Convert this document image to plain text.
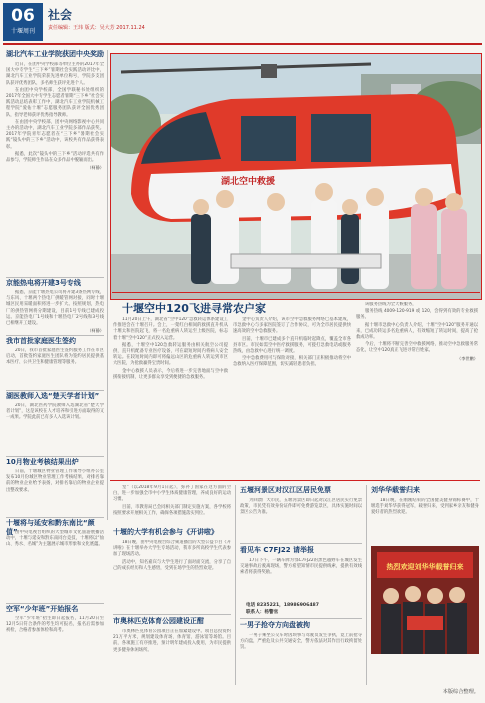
06
十堰周刊
社会
责任编辑：王玮 版式：吴大芳 2017.11.24
湖北汽车工业学院获团中央奖励

近日，在团中央学校部等单位主办的2017年全国大中专学生“三下乡”暑期社会实践活动评比中，湖北汽车工业学院荣获先进单位称号，学院多支团队获评优秀团队，多名师生获评先进个人。

在由团中央学校部、全国学联秘书处组织的2017年全国大中专学生志愿者暑期“三下乡”社会实践活动总结表彰工作中，湖北汽车工业学院机械工程学院“爱佑十堰”志愿服务团队获评全国优秀团队，指导老师获评优秀指导教师。

在由团中央学校部、团中央网络影视中心共同主办的活动中，湖北汽车工业学院多部作品获奖。2017年学院青年志愿者在“三下乡”暑期社会实践“镜头中的三下乡”活动中，该校共有作品获得表彰。

据悉，此次“镜头中的三下乡”活动评选共有作品参与，学院师生作品在众多作品中脱颖而出。

（柯静）
京能热电将开建3号专线

据悉，京能十堰热电公司将开建3条热网专线，与东风、十堰两个热电厂供暖管网对接，同时十堰城区民用采暖面积将进一步扩大。按照规划，热电厂的供热管网将分期建设，目前1号专线已建成投运。京能热电厂1号线和十堰热电厂2号线和3号线已相继开工建设。

（柯静）
我市首批家庭医生签约

20日，我市首批家庭医生签约服务工作在市区启动，首批签约家庭医生团队将为签约居民提供基本医疗、公共卫生和健康管理等服务。

湖医教师入选“楚天学者计划”

20日，湖北医药学院教师入选湖北省“楚天学者计划”，这是该校在人才培养和引进方面取得的又一成果。学院此前已有多人入选该计划。

10月物业考核结果出炉

日前，十堰城区物业管理工作领导小组办公室发布10月份城区物业管理工作考核结果，对排名靠前的物业企业给予表扬，对排名靠后的物业企业提出整改要求。

十堰将与延安和黔东南比“颜值”

由中央电视台组织的大型城市文化旅游展播活动中，十堰与延安和黔东南同台竞技，十堰将以“仙山、秀水、名城”为主题展示城市形象和文化底蕴。

空军“少年班”开始报名

空军“少年班”招生即日起报名，11月20日至12月5日符合条件的考生均可报名，报名后需参加初检，合格者参加体检和高考。

湖北空中救援
十堰空中120飞进寻常农户家

11月20日上午，湖北省“空中120”急救转运体系建设工作推进会在十堰召开。会上，一架红白相间的救援直升机从十堰太和医院起飞，将一名危重病人转运至上级医院，标志着十堰“空中120”正式投入运营。

据悉，十堰空中120急救转运服务由相关航空公司提供，直升机配备专业医疗设备，可在最短时间内将病人安全转运。在较短时间内即可将偏远山区的危重病人转运到市区大医院，为抢救赢得宝贵时间。

金中心救援人员表示，今后将进一步完善地面与空中救援衔接机制，让更多群众享受到便捷的急救服务。

金中心负责人介绍，该市空中急救服务网络已基本建成，市急救中心与多家医院签订了合作协议，可为全市居民提供快速高效的空中急救服务。

目前，十堰市已建成多个直升机临时起降点，覆盖全市各县市区。市民如需空中医疗救援服务，可拨打急救电话或服务热线，由急救中心进行统一调度。

空中急救费用可与保险对接，相关部门正积极推动将空中急救纳入医疗保障范围，切实减轻患者负担。

该服务热线为全天候服务，

服务热线 4009-120-919 或 120，会得到有效的专业救援服务。

据十堰市急救中心负责人介绍，十堰“空中120”服务开通以来，已成功转运多名危重病人，有效缩短了转运时间，提高了抢救成功率。

今后，十堰将不断完善空中救援网络，推动空中急救服务常态化，让空中120真正飞进寻常百姓家。

（李世鹏）

堂”（以2018年9月1日起），弥补了国家在这方面的空白，进一步加强全市中小学生体质健康管理，养成良好的运动习惯。

目前，市教育局已会同相关部门制定实施方案，各学校将按照要求开展相关工作，确保各项措施落实到位。

十堰的大学有机会参与《开讲啦》

18日晚，由中央电视台综合频道播出的大型公益节目《开讲啦》在十堰举办大学生专场活动，我市多所高校学生代表参加了现场活动。

活动中，知名嘉宾与大学生进行了面对面交流，分享了自己的成长经历和人生感悟，受到在场学生的热烈欢迎。

市奥林匹克体育公园建设正酣

市奥林匹克体育公园项目正在加紧建设中。项目总投资约21万平方米，规划建设体育场、体育馆、游泳馆等场馆。目前，各项施工有序推进，预计明年建成投入使用，为市民提供更多健身休闲场所。

五堰河景区对汉江区居民免票

为回馈广大市民，五堰河景区即日起对汉江区居民实行免票政策，市民凭有效身份证件即可免费游览景区，具体实施时间以景区公告为准。

看见车 C7FJ22 请举报

17日下午，一辆车牌为鄂C7FJ22的黑色越野车在城区发生交通事故后驶离现场，警方希望知情市民提供线索，提供有效线索者将获得奖励。

电话 8235221，18986906487
联系人：杨警官
一男子抢夺方向盘被拘

一男子乘坐公交车时因琐事与驾驶员发生争执，竟上前抢夺方向盘，严重危及公共交通安全，警方依法对其作出行政拘留处罚。

刘华华载誉归来

18日晚，在刚刚结束的全国健美健身锦标赛中，十堰选手刘华华获得冠军，载誉归来，受到家乡亲友和健身爱好者的热烈欢迎。

热烈欢迎刘华华载誉归来
本版综合整理。
